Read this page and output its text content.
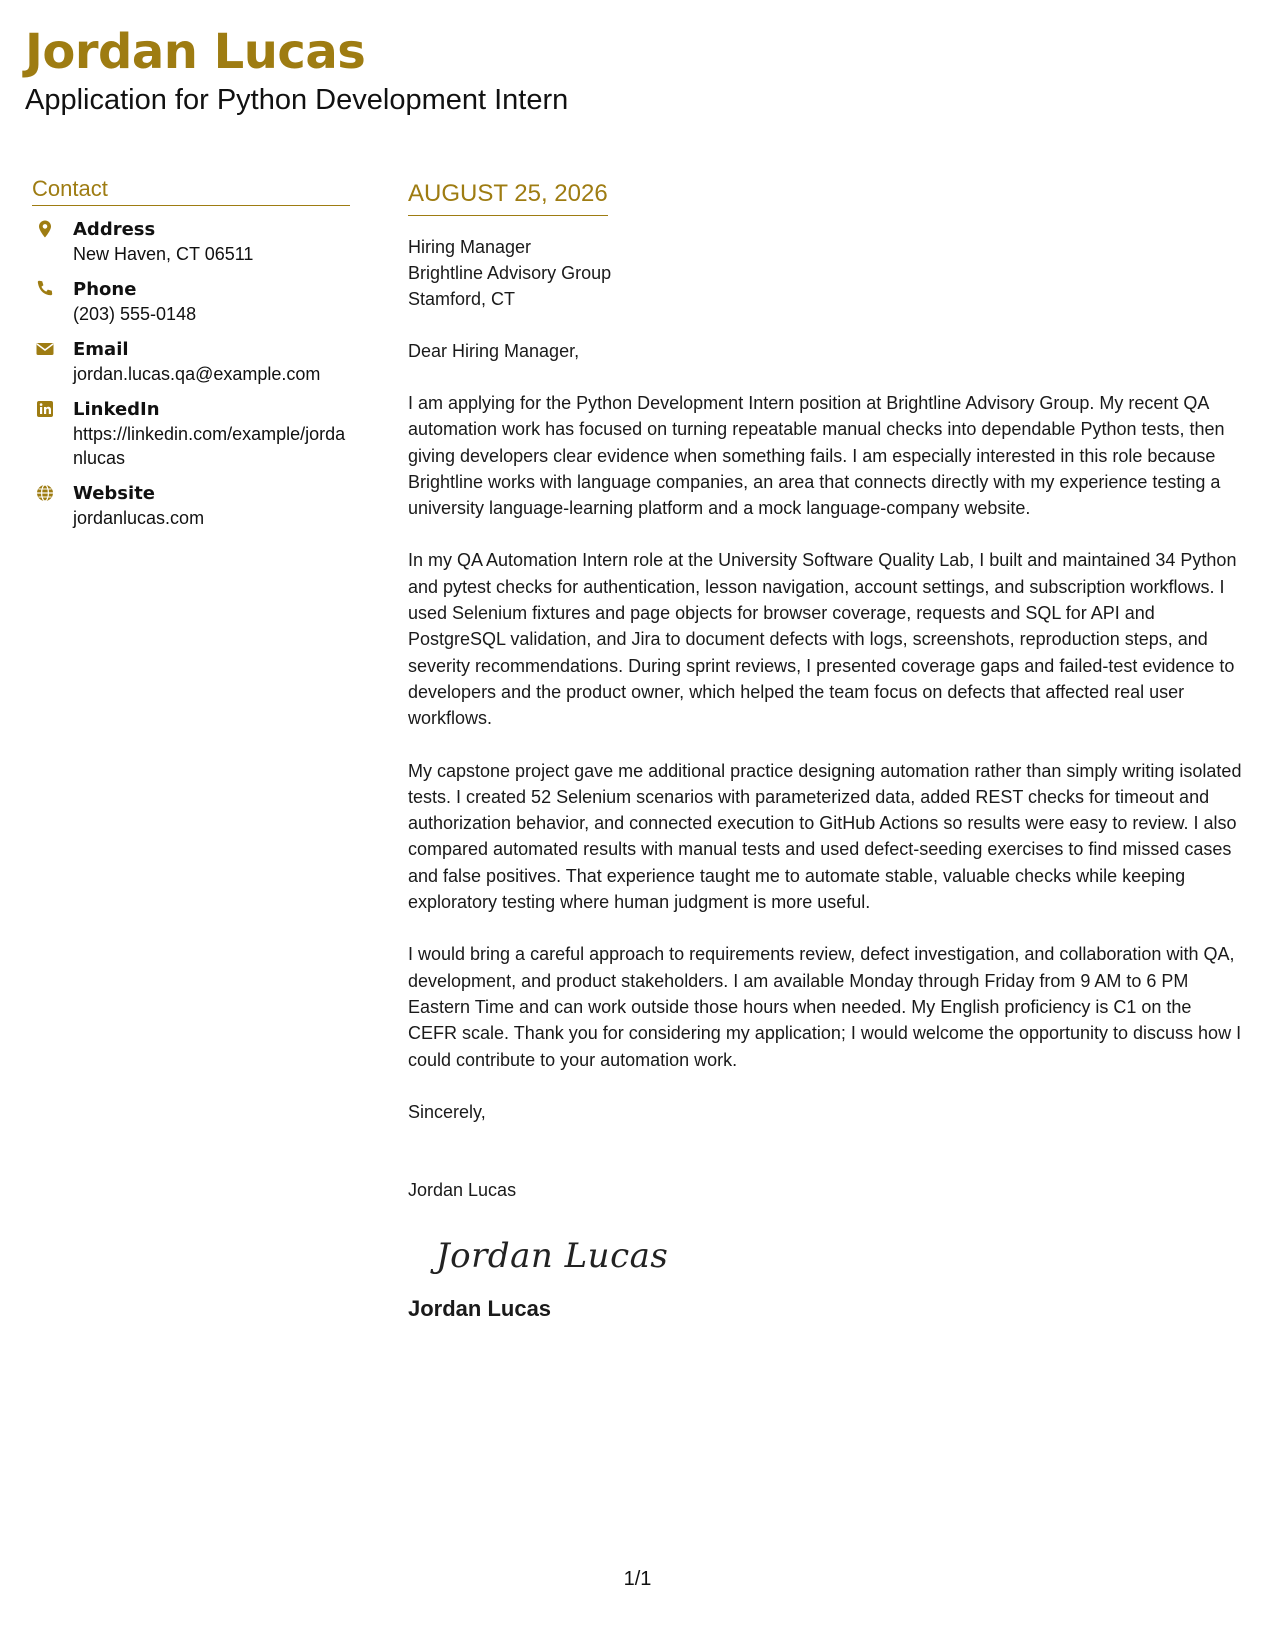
Jordan Lucas
Application for Python Development Intern
Contact
Address
New Haven, CT 06511
Phone
(203) 555-0148
Email
jordan.lucas.qa@example.com
LinkedIn
https://linkedin.com/example/jordanlucas
Website
jordanlucas.com
AUGUST 25, 2026
Hiring Manager
Brightline Advisory Group
Stamford, CT
Dear Hiring Manager,
I am applying for the Python Development Intern position at Brightline Advisory Group. My recent QA automation work has focused on turning repeatable manual checks into dependable Python tests, then giving developers clear evidence when something fails. I am especially interested in this role because Brightline works with language companies, an area that connects directly with my experience testing a university language-learning platform and a mock language-company website.
In my QA Automation Intern role at the University Software Quality Lab, I built and maintained 34 Python and pytest checks for authentication, lesson navigation, account settings, and subscription workflows. I used Selenium fixtures and page objects for browser coverage, requests and SQL for API and PostgreSQL validation, and Jira to document defects with logs, screenshots, reproduction steps, and severity recommendations. During sprint reviews, I presented coverage gaps and failed-test evidence to developers and the product owner, which helped the team focus on defects that affected real user workflows.
My capstone project gave me additional practice designing automation rather than simply writing isolated tests. I created 52 Selenium scenarios with parameterized data, added REST checks for timeout and authorization behavior, and connected execution to GitHub Actions so results were easy to review. I also compared automated results with manual tests and used defect-seeding exercises to find missed cases and false positives. That experience taught me to automate stable, valuable checks while keeping exploratory testing where human judgment is more useful.
I would bring a careful approach to requirements review, defect investigation, and collaboration with QA, development, and product stakeholders. I am available Monday through Friday from 9 AM to 6 PM Eastern Time and can work outside those hours when needed. My English proficiency is C1 on the CEFR scale. Thank you for considering my application; I would welcome the opportunity to discuss how I could contribute to your automation work.
Sincerely,
Jordan Lucas
Jordan Lucas
Jordan Lucas
1/1
